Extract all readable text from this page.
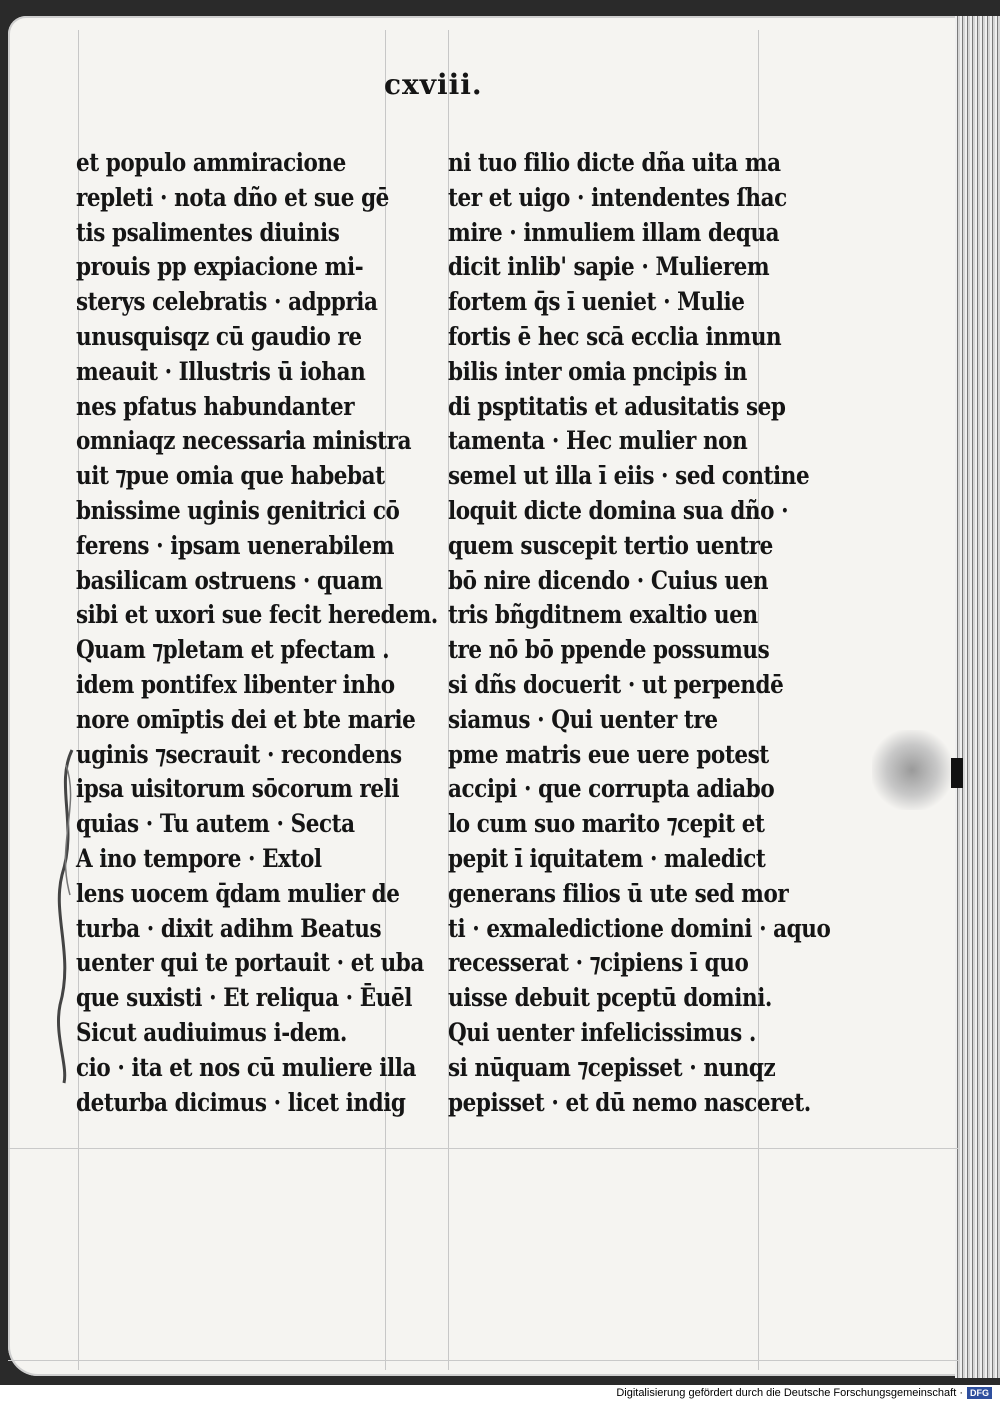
cxviii.
et populo ammiracione
repleti · nota dño et sue gē
tis psalimentes diuinis
prouis pp expiacione mi-
sterys celebratis · adppria
unusquisqz cū gaudio re
meauit · Illustris ū iohan
nes pfatus habundanter
omniaqz necessaria ministra
uit ⁊pue omia que habebat
bnissime uginis genitrici cō
ferens · ipsam uenerabilem
basilicam ostruens · quam
sibi et uxori sue fecit heredem.
Quam ⁊pletam et pfectam .
idem pontifex libenter inho
nore omīptis dei et bte marie
uginis ⁊secrauit · recondens
ipsa uisitorum sōcorum reli
quias · Tu autem · Secta
A ino tempore · Extol
lens uocem q̄dam mulier de
turba · dixit adihm Beatus
uenter qui te portauit · et uba
que suxisti · Et reliqua · Ēuēl
Sicut audiuimus i-dem.
cio · ita et nos cū muliere illa
deturba dicimus · licet indig
ni tuo filio dicte dña uita ma
ter et uigo · intendentes ſhac
mire · inmuliem illam dequa
dicit inlib' sapie · Mulierem
fortem q̄s ī ueniet · Mulie
fortis ē hec scā ecclia inmun
bilis inter omia pncipis in
di psptitatis et adusitatis sep
tamenta · Hec mulier non
semel ut illa ī eiis · sed contine
loquit dicte domina sua dño ·
quem suscepit tertio uentre
bō nire dicendo · Cuius uen
tris bñgditnem exaltio uen
tre nō bō ppende possumus
si dñs docuerit · ut perpendē
siamus · Qui uenter tre
pme matris eue uere potest
accipi · que corrupta adiabo
lo cum suo marito ⁊cepit et
pepit ī iquitatem · maledict
generans filios ū ute sed mor
ti · exmaledictione domini · aquo
recesserat · ⁊cipiens ī quo
uisse debuit pceptū domini.
Qui uenter infelicissimus .
si nūquam ⁊cepisset · nunqz
pepisset · et dū nemo nasceret.
Digitalisierung gefördert durch die Deutsche Forschungsgemeinschaft · DFG
